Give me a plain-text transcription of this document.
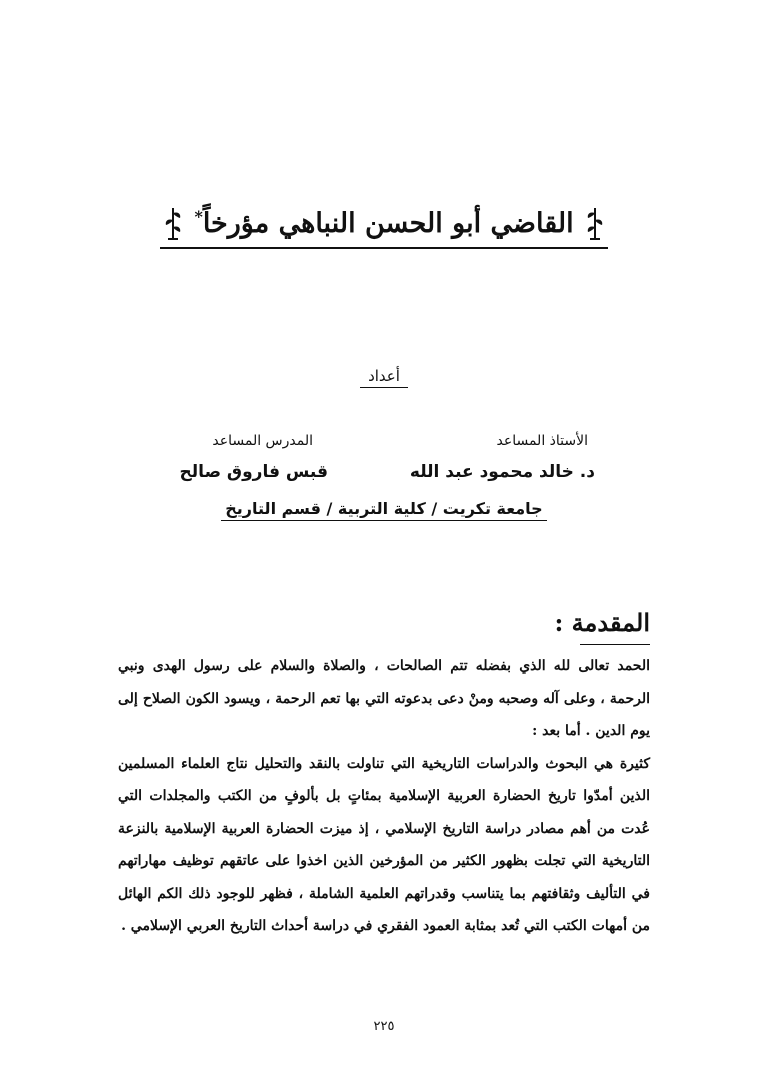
القاضي أبو الحسن النباهي مؤرخاً*
أعداد
الأستاذ المساعد
المدرس المساعد
د. خالد محمود عبد الله
قبس فاروق صالح
جامعة تكريت / كلية التربية / قسم التاريخ
المقدمة :

الحمد تعالى لله الذي بفضله تتم الصالحات ، والصلاة والسلام على رسول الهدى ونبي الرحمة ، وعلى آله وصحبه ومنْ دعى بدعوته التي بها تعم الرحمة ، ويسود الكون الصلاح إلى يوم الدين . أما بعد :

كثيرة هي البحوث والدراسات التاريخية التي تناولت بالنقد والتحليل نتاج العلماء المسلمين الذين أمدّوا تاريخ الحضارة العربية الإسلامية بمئاتٍ بل بألوفٍ من الكتب والمجلدات التي عُدت من أهم مصادر دراسة التاريخ الإسلامي ، إذ ميزت الحضارة العربية الإسلامية بالنزعة التاريخية التي تجلت بظهور الكثير من المؤرخين الذين اخذوا على عاتقهم توظيف مهاراتهم في التأليف وثقافتهم بما يتناسب وقدراتهم العلمية الشاملة ، فظهر للوجود ذلك الكم الهائل من أمهات الكتب التي تُعد بمثابة العمود الفقري في دراسة أحداث التاريخ العربي الإسلامي .

٢٢٥
